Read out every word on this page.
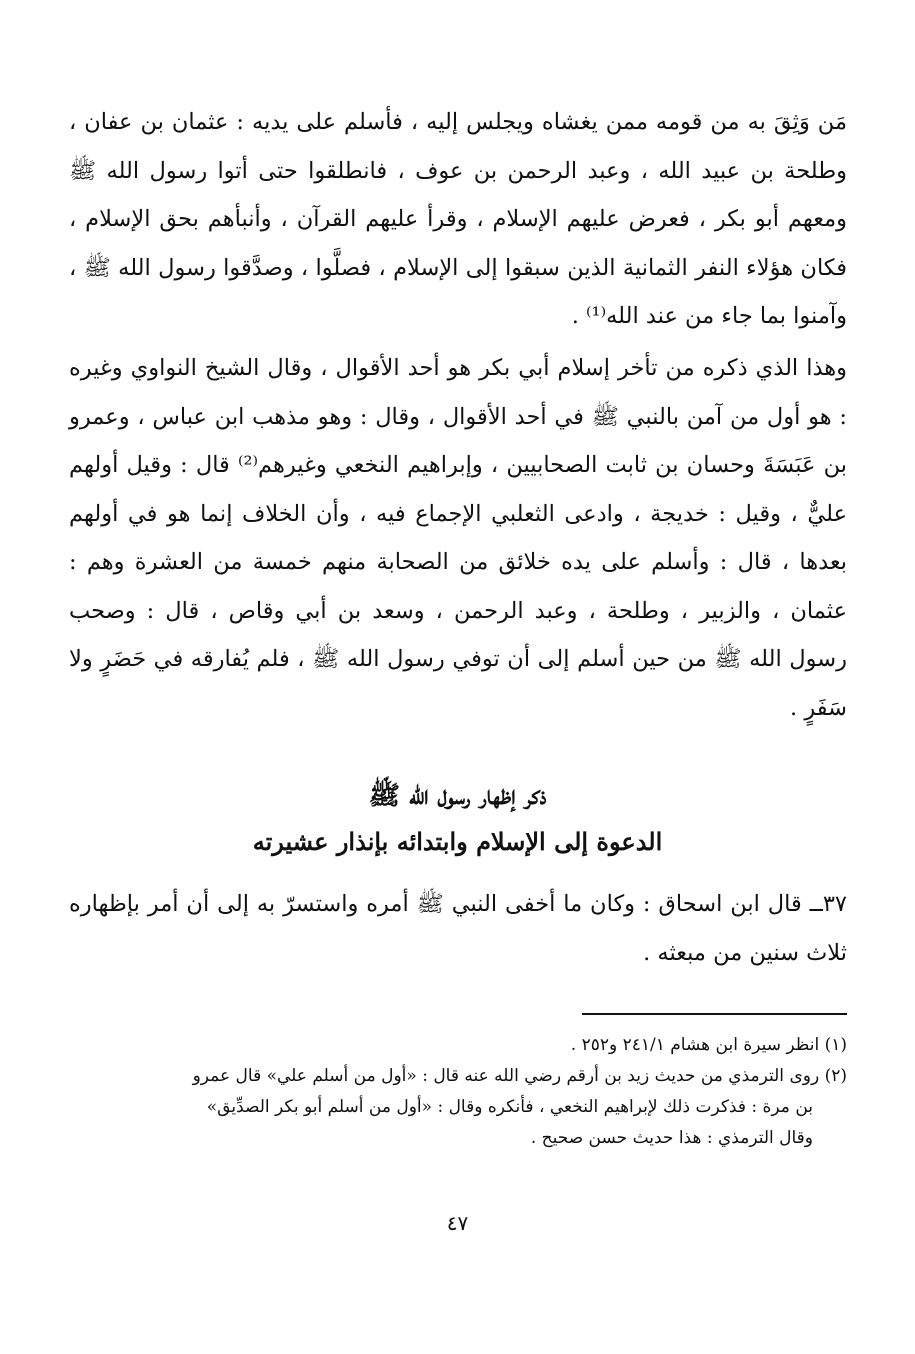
مَن وَثِقَ به من قومه ممن يغشاه ويجلس إليه ، فأسلم على يديه : عثمان بن عفان ، وطلحة بن عبيد الله ، وعبد الرحمن بن عوف ، فانطلقوا حتى أتوا رسول الله ﷺ ومعهم أبو بكر ، فعرض عليهم الإسلام ، وقرأ عليهم القرآن ، وأنبأهم بحق الإسلام ، فكان هؤلاء النفر الثمانية الذين سبقوا إلى الإسلام ، فصلَّوا ، وصدَّقوا رسول الله ﷺ ، وآمنوا بما جاء من عند الله⁽¹⁾ .

وهذا الذي ذكره من تأخر إسلام أبي بكر هو أحد الأقوال ، وقال الشيخ النواوي وغيره : هو أول من آمن بالنبي ﷺ في أحد الأقوال ، وقال : وهو مذهب ابن عباس ، وعمرو بن عَبَسَةَ وحسان بن ثابت الصحابيين ، وإبراهيم النخعي وغيرهم⁽²⁾ قال : وقيل أولهم عليٌّ ، وقيل : خديجة ، وادعى الثعلبي الإجماع فيه ، وأن الخلاف إنما هو في أولهم بعدها ، قال : وأسلم على يده خلائق من الصحابة منهم خمسة من العشرة وهم : عثمان ، والزبير ، وطلحة ، وعبد الرحمن ، وسعد بن أبي وقاص ، قال : وصحب رسول الله ﷺ من حين أسلم إلى أن توفي رسول الله ﷺ ، فلم يُفارقه في حَضَرٍ ولا سَفَرٍ .

ذكر إظهار رسول الله ﷺ
الدعوة إلى الإسلام وابتدائه بإنذار عشيرته

٣٧ــ قال ابن اسحاق : وكان ما أخفى النبي ﷺ أمره واستسرّ به إلى أن أمر بإظهاره ثلاث سنين من مبعثه .

(١) انظر سيرة ابن هشام ٢٤١/١ و٢٥٢ .

(٢) روى الترمذي من حديث زيد بن أرقم رضي الله عنه قال : «أول من أسلم علي» قال عمرو
بن مرة : فذكرت ذلك لإبراهيم النخعي ، فأنكره وقال : «أول من أسلم أبو بكر الصدِّيق»
وقال الترمذي : هذا حديث حسن صحيح .

٤٧
